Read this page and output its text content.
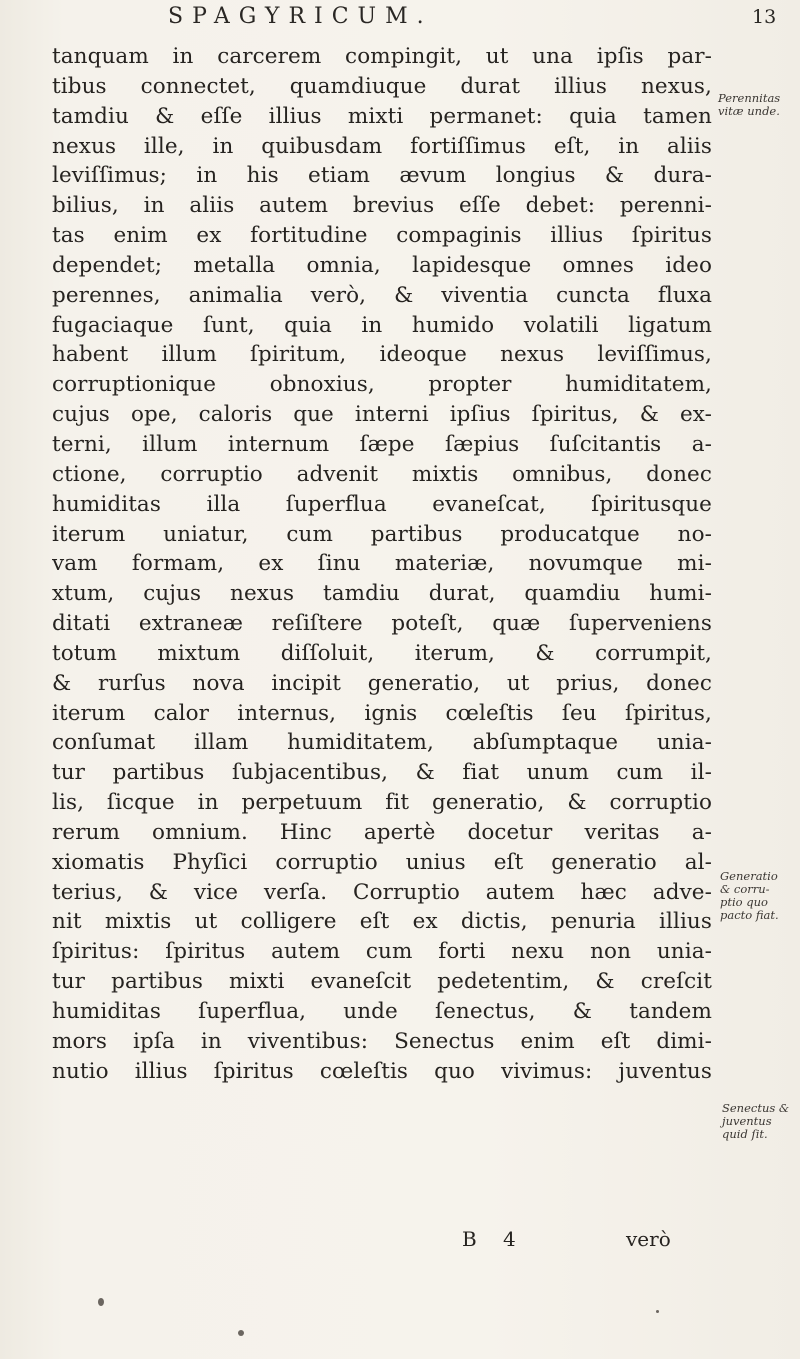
SPAGYRICUM.	13
tanquam in carcerem compingit, ut una ipſis par-
tibus connectet, quamdiuque durat illius nexus,
tamdiu & eſſe illius mixti permanet: quia tamen
nexus ille, in quibusdam fortiſſimus eſt, in aliis
leviſſimus; in his etiam ævum longius & dura-
bilius, in aliis autem brevius eſſe debet: perenni-
tas enim ex fortitudine compaginis illius ſpiritus
dependet; metalla omnia, lapidesque omnes ideo
perennes, animalia verò, & viventia cuncta fluxa
fugaciaque ſunt, quia in humido volatili ligatum
habent illum ſpiritum, ideoque nexus leviſſimus,
corruptionique obnoxius, propter humiditatem,
cujus ope, caloris que interni ipſius ſpiritus, & ex-
terni, illum internum ſæpe ſæpius ſuſcitantis a-
ctione, corruptio advenit mixtis omnibus, donec
humiditas illa ſuperflua evaneſcat, ſpiritusque
iterum uniatur, cum partibus producatque no-
vam formam, ex ſinu materiæ, novumque mi-
xtum, cujus nexus tamdiu durat, quamdiu humi-
ditati extraneæ reſiſtere poteſt, quæ ſuperveniens
totum mixtum diſſoluit, iterum, & corrumpit,
& rurſus nova incipit generatio, ut prius, donec
iterum calor internus, ignis cœleſtis ſeu ſpiritus,
conſumat illam humiditatem, abſumptaque unia-
tur partibus ſubjacentibus, & fiat unum cum il-
lis, ſicque in perpetuum fit generatio, & corruptio
rerum omnium. Hinc apertè docetur veritas a-
xiomatis Phyſici corruptio unius eſt generatio al-
terius, & vice verſa. Corruptio autem hæc adve-
nit mixtis ut colligere eſt ex dictis, penuria illius
ſpiritus: ſpiritus autem cum forti nexu non unia-
tur partibus mixti evaneſcit pedetentim, & creſcit
humiditas ſuperflua, unde ſenectus, & tandem
mors ipſa in viventibus: Senectus enim eſt dimi-
nutio illius ſpiritus cœleſtis quo vivimus: juventus
Perennitas
vitæ unde.
Generatio
& corru-
ptio quo
pacto fiat.
Senectus &
juventus
quid ſit.
B 4	verò
